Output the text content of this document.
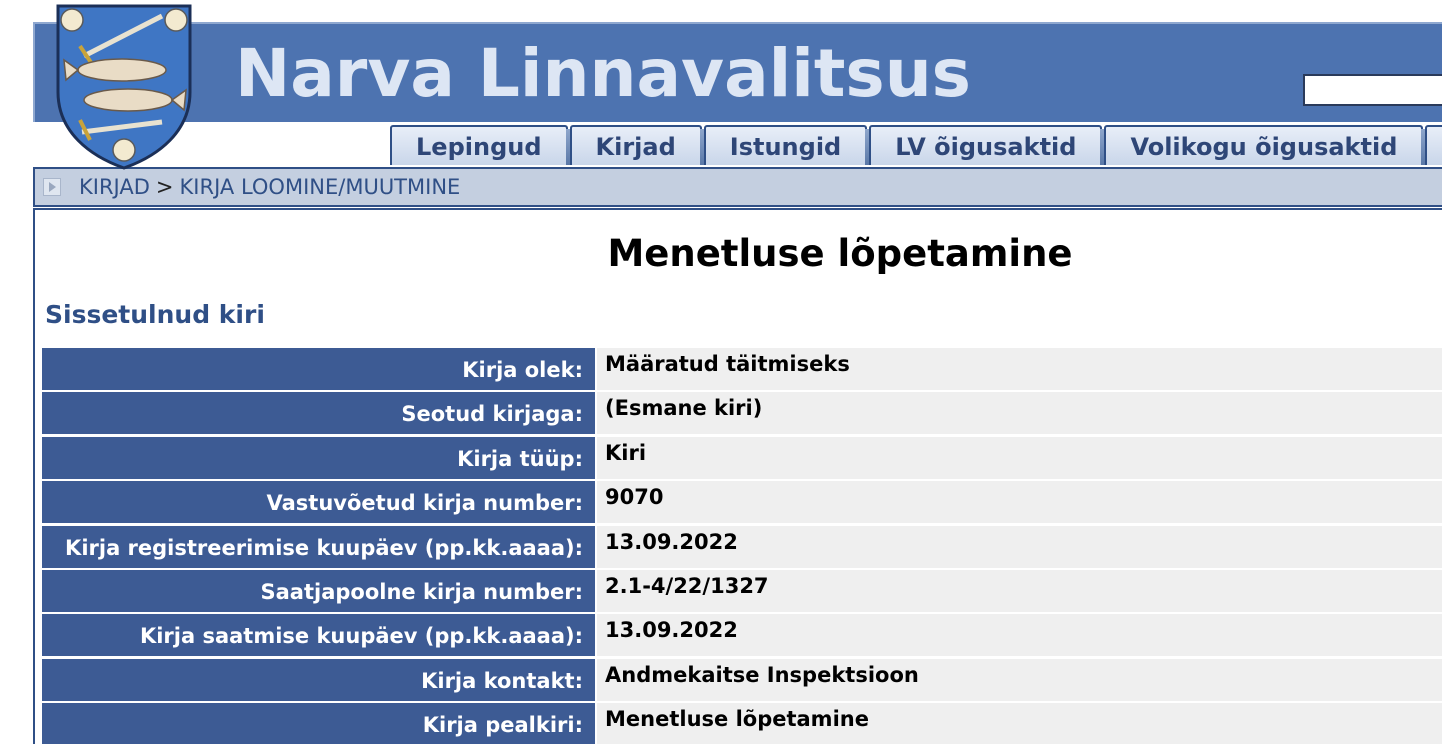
Narva Linnavalitsus
Lepingud	Kirjad	Istungid	LV õigusaktid	Volikogu õigusaktid
KIRJAD > KIRJA LOOMINE/MUUTMINE
Menetluse lõpetamine
Sissetulnud kiri
Kirja olek:	Määratud täitmiseks
Seotud kirjaga:	(Esmane kiri)
Kirja tüüp:	Kiri
Vastuvõetud kirja number:	9070
Kirja registreerimise kuupäev (pp.kk.aaaa):	13.09.2022
Saatjapoolne kirja number:	2.1-4/22/1327
Kirja saatmise kuupäev (pp.kk.aaaa):	13.09.2022
Kirja kontakt:	Andmekaitse Inspektsioon
Kirja pealkiri:	Menetluse lõpetamine
